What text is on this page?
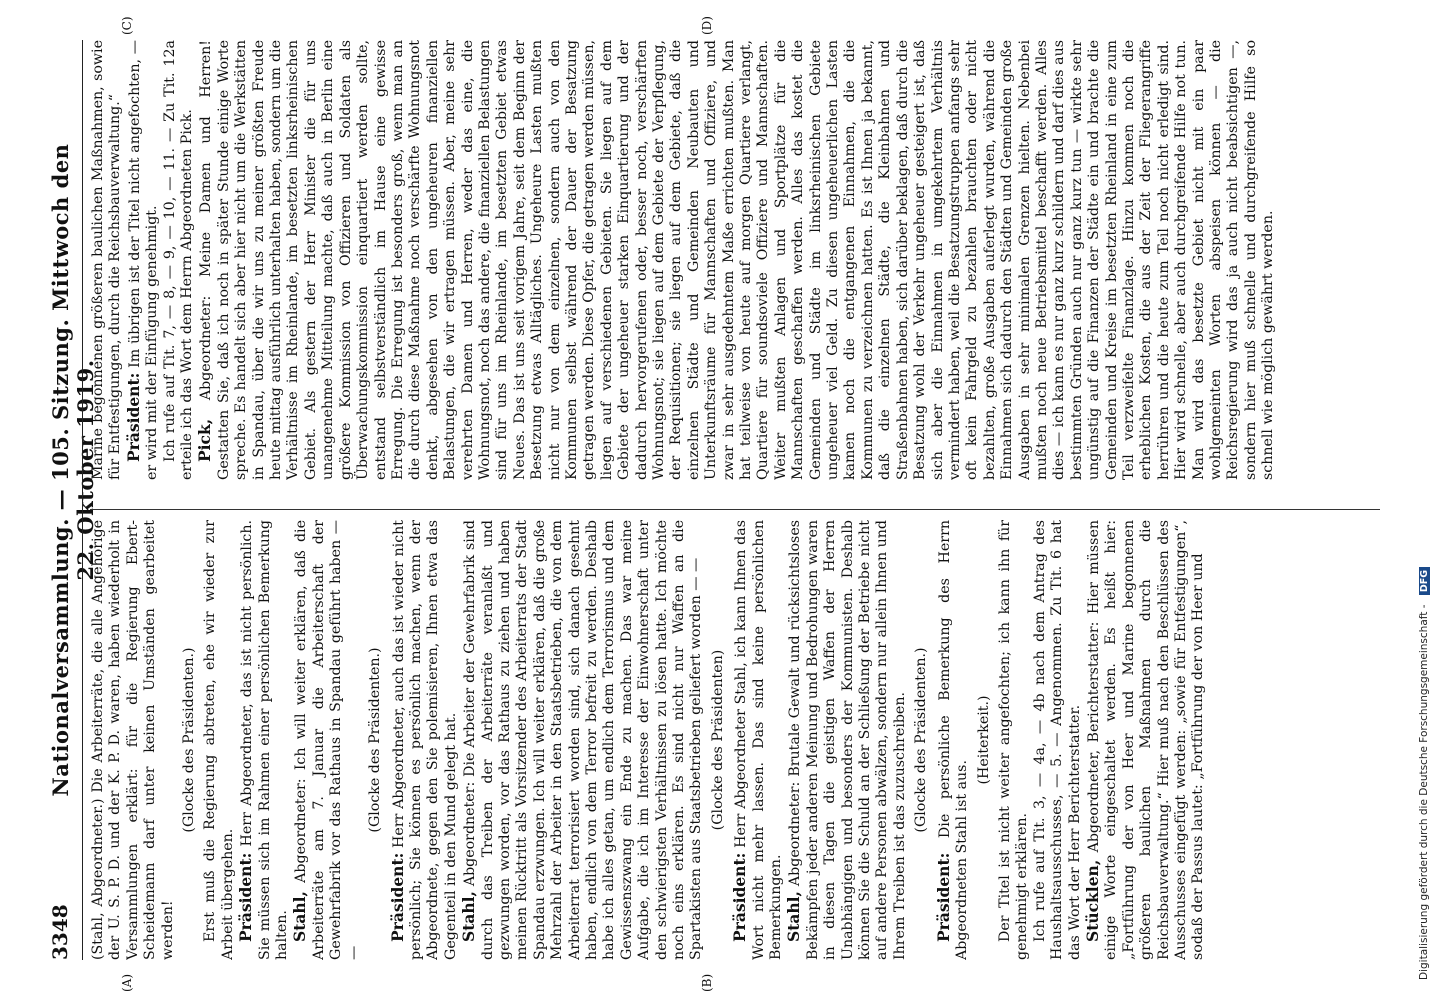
3348
Nationalversammlung. — 105. Sitzung. Mittwoch den 22. Oktober 1919.
(A)	(B)
(C)	(D)

(Stahl, Abgeordneter.) Die Arbeiterräte, die alle Angehörige der U. S. P. D. und der K. P. D. waren, haben wiederholt in Versammlungen erklärt: für die Regierung Ebert-Scheidemann darf unter keinen Umständen gearbeitet werden!

(Glocke des Präsidenten.) Erst muß die Regierung abtreten, ehe wir wieder zur Arbeit übergehen. Präsident: Herr Abgeordneter, das ist nicht persönlich. Sie müssen sich im Rahmen einer persönlichen Bemerkung halten. Stahl, Abgeordneter: Ich will weiter erklären, daß die Arbeiterräte am 7. Januar die Arbeiterschaft der Gewehrfabrik vor das Rathaus in Spandau geführt haben — —

(Glocke des Präsidenten.)

Präsident: Herr Abgeordneter, auch das ist wieder nicht persönlich; Sie können es persönlich machen, wenn der Abgeordnete, gegen den Sie polemisieren, Ihnen etwa das Gegenteil in den Mund gelegt hat. Stahl, Abgeordneter: Die Arbeiter der Gewehrfabrik sind durch das Treiben der Arbeiterräte veranlaßt und gezwungen worden, vor das Rathaus zu ziehen und haben meinen Rücktritt als Vorsitzender des Arbeiterrats der Stadt Spandau erzwungen. Ich will weiter erklären, daß die große Mehrzahl der Arbeiter in den Staatsbetrieben, die von dem Arbeiterrat terrorisiert worden sind, sich danach gesehnt haben, endlich von dem Terror befreit zu werden. Deshalb habe ich alles getan, um endlich dem Terrorismus und dem Gewissenszwang ein Ende zu machen. Das war meine Aufgabe, die ich im Interesse der Einwohnerschaft unter den schwierigsten Verhältnissen zu lösen hatte. Ich möchte noch eins erklären. Es sind nicht nur Waffen an die Spartakisten aus Staatsbetrieben geliefert worden — — (Glocke des Präsidenten)

Präsident: Herr Abgeordneter Stahl, ich kann Ihnen das Wort nicht mehr lassen. Das sind keine persönlichen Bemerkungen. Stahl, Abgeordneter: Brutale Gewalt und rücksichtsloses Bekämpfen jeder anderen Meinung und Bedrohungen waren in diesen Tagen die geistigen Waffen der Herren Unabhängigen und besonders der Kommunisten. Deshalb können Sie die Schuld an der Schließung der Betriebe nicht auf andere Personen abwälzen, sondern nur allein Ihnen und Ihrem Treiben ist das zuzuschreiben. (Glocke des Präsidenten.)

Präsident: Die persönliche Bemerkung des Herrn Abgeordneten Stahl ist aus.

(Heiterkeit.) Der Titel ist nicht weiter angefochten; ich kann ihn für genehmigt erklären. Ich rufe auf Tit. 3, — 4a, — 4b nach dem Antrag des Haushaltsausschusses, — 5. — Angenommen. Zu Tit. 6 hat das Wort der Herr Berichterstatter. Stücklen, Abgeordneter, Berichterstatter: Hier müssen einige Worte eingeschaltet werden. Es heißt hier: „Fortführung der von Heer und Marine begonnenen größeren baulichen Maßnahmen durch die Reichsbauverwaltung.“ Hier muß nach den Beschlüssen des Ausschusses eingefügt werden: „sowie für Entfestigungen“, sodaß der Passus lautet: „Fortführung der von Heer und

Marine begonnenen größeren baulichen Maßnahmen, sowie für Entfestigungen, durch die Reichsbauverwaltung.“ Präsident: Im übrigen ist der Titel nicht angefochten, — er wird mit der Einfügung genehmigt. Ich rufe auf Tit. 7, — 8, — 9, — 10, — 11. — Zu Tit. 12a erteile ich das Wort dem Herrn Abgeordneten Pick. Pick, Abgeordneter: Meine Damen und Herren! Gestatten Sie, daß ich noch in später Stunde einige Worte spreche. Es handelt sich aber hier nicht um die Werkstätten in Spandau, über die wir uns zu meiner größten Freude heute mittag ausführlich unterhalten haben, sondern um die Verhältnisse im Rheinlande, im besetzten linksrheinischen Gebiet. Als gestern der Herr Minister die für uns unangenehme Mitteilung machte, daß auch in Berlin eine größere Kommission von Offizieren und Soldaten als Überwachungskommission einquartiert werden sollte, entstand selbstverständlich im Hause eine gewisse Erregung. Die Erregung ist besonders groß, wenn man an die durch diese Maßnahme noch verschärfte Wohnungsnot denkt, abgesehen von den ungeheuren finanziellen Belastungen, die wir ertragen müssen. Aber, meine sehr verehrten Damen und Herren, weder das eine, die Wohnungsnot, noch das andere, die finanziellen Belastungen sind für uns im Rheinlande, im besetzten Gebiet etwas Neues. Das ist uns seit vorigem Jahre, seit dem Beginn der Besetzung etwas Alltägliches. Ungeheure Lasten mußten nicht nur von dem einzelnen, sondern auch von den Kommunen selbst während der Dauer der Besatzung getragen werden. Diese Opfer, die getragen werden müssen, liegen auf verschiedenen Gebieten. Sie liegen auf dem Gebiete der ungeheuer starken Einquartierung und der dadurch hervorgerufenen oder, besser noch, verschärften Wohnungsnot; sie liegen auf dem Gebiete der Verpflegung, der Requisitionen; sie liegen auf dem Gebiete, daß die einzelnen Städte und Gemeinden Neubauten und Unterkunftsräume für Mannschaften und Offiziere, und zwar in sehr ausgedehntem Maße errichten mußten. Man hat teilweise von heute auf morgen Quartiere verlangt, Quartiere für soundsoviele Offiziere und Mannschaften. Weiter mußten Anlagen und Sportplätze für die Mannschaften geschaffen werden. Alles das kostet die Gemeinden und Städte im linksrheinischen Gebiete ungeheuer viel Geld. Zu diesen ungeheuerlichen Lasten kamen noch die entgangenen Einnahmen, die die Kommunen zu verzeichnen hatten. Es ist Ihnen ja bekannt, daß die einzelnen Städte, die Kleinbahnen und Straßenbahnen haben, sich darüber beklagen, daß durch die Besatzung wohl der Verkehr ungeheuer gesteigert ist, daß sich aber die Einnahmen in umgekehrtem Verhältnis vermindert haben, weil die Besatzungstruppen anfangs sehr oft kein Fahrgeld zu bezahlen brauchten oder nicht bezahlten, große Ausgaben auferlegt wurden, während die Einnahmen sich dadurch den Städten und Gemeinden große Ausgaben in sehr minimalen Grenzen hielten. Nebenbei mußten noch neue Betriebsmittel beschafft werden. Alles dies — ich kann es nur ganz kurz schildern und darf dies aus bestimmten Gründen auch nur ganz kurz tun — wirkte sehr ungünstig auf die Finanzen der Städte ein und brachte die Gemeinden und Kreise im besetzten Rheinland in eine zum Teil verzweifelte Finanzlage. Hinzu kommen noch die erheblichen Kosten, die aus der Zeit der Fliegerangriffe herrühren und die heute zum Teil noch nicht erledigt sind. Hier wird schnelle, aber auch durchgreifende Hilfe not tun. Man wird das besetzte Gebiet nicht mit ein paar wohlgemeinten Worten abspeisen können — die Reichsregierung wird das ja auch nicht beabsichtigen —, sondern hier muß schnelle und durchgreifende Hilfe so schnell wie möglich gewährt werden.

Digitalisierung gefördert durch die Deutsche Forschungsgemeinschaft - DFG
